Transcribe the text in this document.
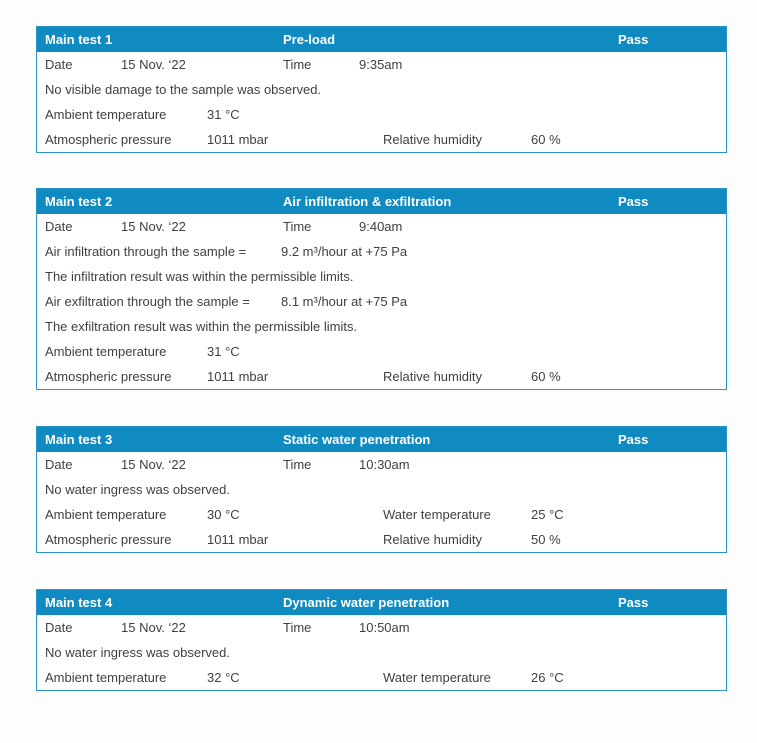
Main test 1	Pre-load	Pass
Date	15 Nov. ‘22	Time	9:35am
No visible damage to the sample was observed.
Ambient temperature	31 °C
Atmospheric pressure	1011 mbar	Relative humidity	60 %
Main test 2	Air infiltration & exfiltration	Pass
Date	15 Nov. ‘22	Time	9:40am
Air infiltration through the sample =	9.2 m³/hour at +75 Pa
The infiltration result was within the permissible limits.
Air exfiltration through the sample = 8.1 m³/hour at +75 Pa
The exfiltration result was within the permissible limits.
Ambient temperature	31 °C
Atmospheric pressure	1011 mbar	Relative humidity	60 %
Main test 3	Static water penetration	Pass
Date	15 Nov. ‘22	Time	10:30am
No water ingress was observed.
Ambient temperature	30 °C	Water temperature	25 °C
Atmospheric pressure	1011 mbar	Relative humidity	50 %
Main test 4	Dynamic water penetration	Pass
Date	15 Nov. ‘22	Time	10:50am
No water ingress was observed.
Ambient temperature	32 °C	Water temperature	26 °C
